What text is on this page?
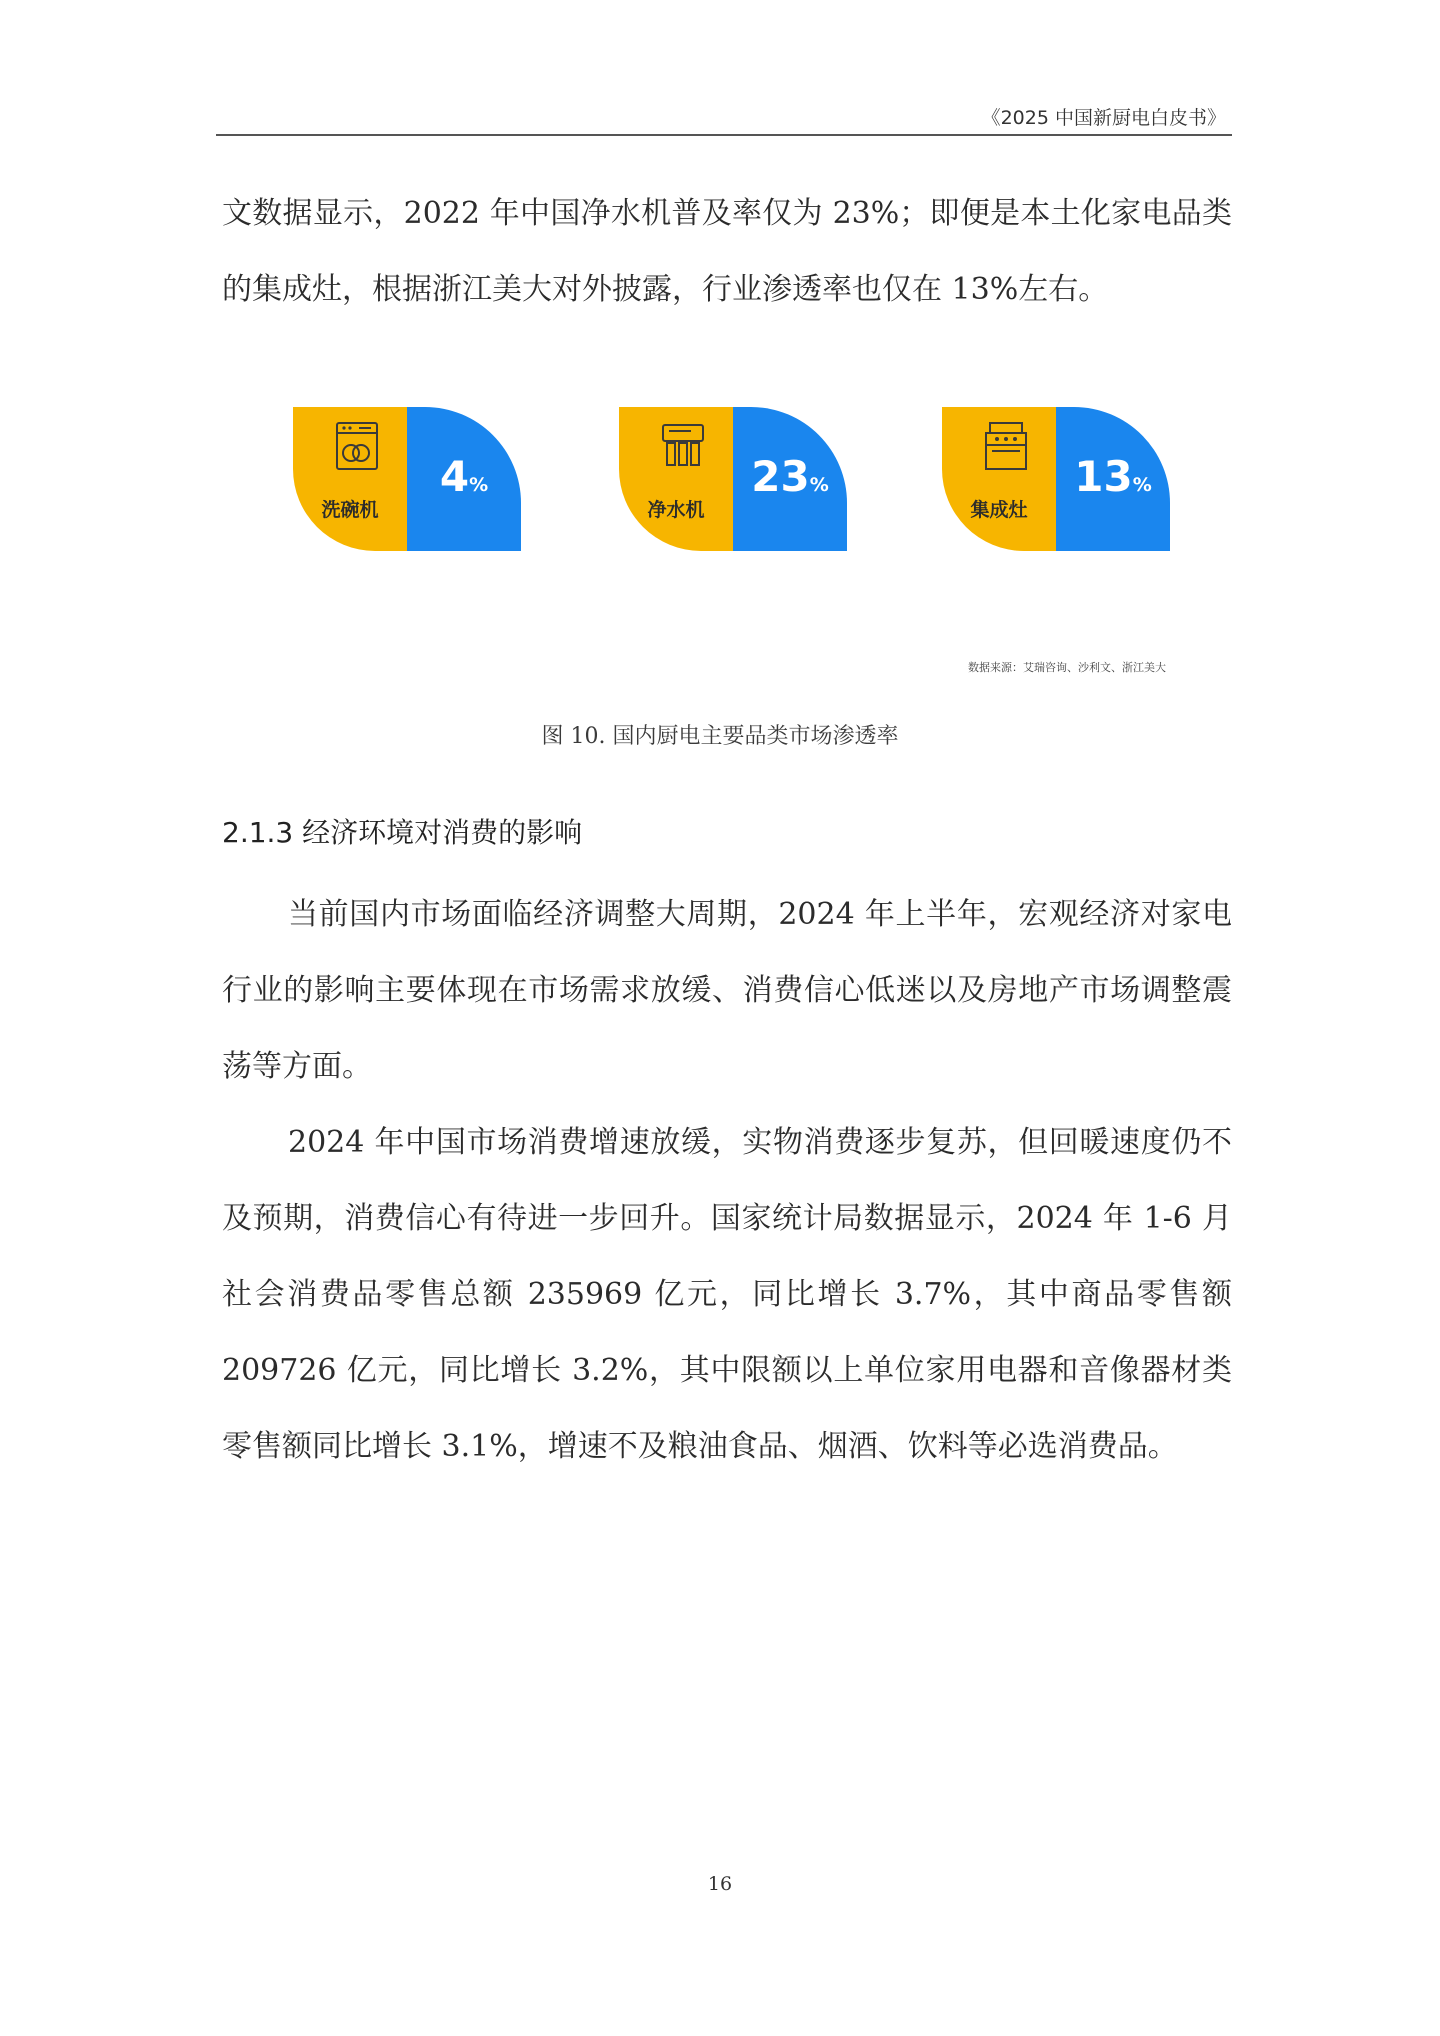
《2025 中国新厨电白皮书》

文数据显示，2022 年中国净水机普及率仅为 23%；即便是本土化家电品类的集成灶，根据浙江美大对外披露，行业渗透率也仅在 13%左右。

洗碗机
4%
净水机
23%
集成灶
13%
数据来源：艾瑞咨询、沙利文、浙江美大
图 10. 国内厨电主要品类市场渗透率
2.1.3 经济环境对消费的影响

当前国内市场面临经济调整大周期，2024 年上半年，宏观经济对家电行业的影响主要体现在市场需求放缓、消费信心低迷以及房地产市场调整震荡等方面。

2024 年中国市场消费增速放缓，实物消费逐步复苏，但回暖速度仍不及预期，消费信心有待进一步回升。国家统计局数据显示，2024 年 1-6 月社会消费品零售总额 235969 亿元，同比增长 3.7%，其中商品零售额 209726 亿元，同比增长 3.2%，其中限额以上单位家用电器和音像器材类零售额同比增长 3.1%，增速不及粮油食品、烟酒、饮料等必选消费品。

16
